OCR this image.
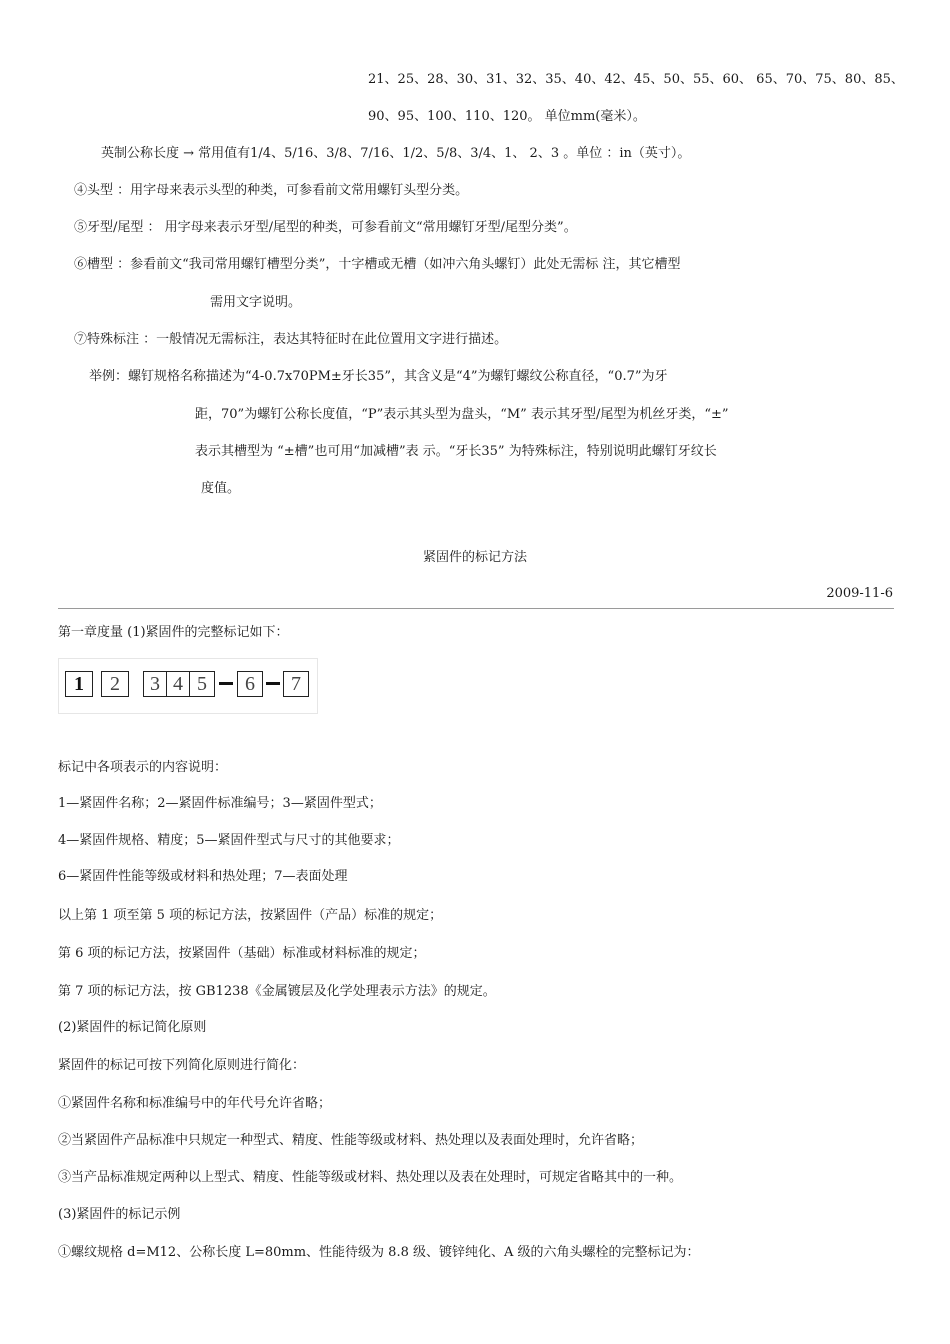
21、25、28、30、31、32、35、40、42、45、50、55、60、 65、70、75、80、85、
90、95、100、110、120。 单位mm(毫米）。
英制公称长度 → 常用值有1/4、5/16、3/8、7/16、1/2、5/8、3/4、1、 2、3 。单位 ：in（英寸）。
④头型 ：用字母来表示头型的种类，可参看前文常用螺钉头型分类。
⑤牙型/尾型 ： 用字母来表示牙型/尾型的种类，可参看前文“常用螺钉牙型/尾型分类”。
⑥槽型 ：参看前文“我司常用螺钉槽型分类”，十字槽或无槽（如冲六角头螺钉）此处无需标 注，其它槽型
需用文字说明。
⑦特殊标注 ：一般情况无需标注，表达其特征时在此位置用文字进行描述。
举例：螺钉规格名称描述为“4-0.7x70PM±牙长35”，其含义是“4”为螺钉螺纹公称直径，“0.7”为牙
距，70”为螺钉公称长度值，“P”表示其头型为盘头，“M” 表示其牙型/尾型为机丝牙类，“±”
表示其槽型为 “±槽”也可用“加减槽”表 示。“牙长35” 为特殊标注，特别说明此螺钉牙纹长
度值。
紧固件的标记方法
2009-11-6
第一章度量 (1)紧固件的完整标记如下：
1	2	3 4 5	6	7
标记中各项表示的内容说明：
1—紧固件名称；2—紧固件标准编号；3—紧固件型式；
4—紧固件规格、精度；5—紧固件型式与尺寸的其他要求；
6—紧固件性能等级或材料和热处理；7—表面处理
以上第 1 项至第 5 项的标记方法，按紧固件（产品）标准的规定；
第 6 项的标记方法，按紧固件（基础）标准或材料标准的规定；
第 7 项的标记方法，按 GB1238《金属镀层及化学处理表示方法》的规定。
(2)紧固件的标记简化原则
紧固件的标记可按下列简化原则进行简化：
①紧固件名称和标准编号中的年代号允许省略；
②当紧固件产品标准中只规定一种型式、精度、性能等级或材料、热处理以及表面处理时，允许省略；
③当产品标准规定两种以上型式、精度、性能等级或材料、热处理以及表在处理时，可规定省略其中的一种。
(3)紧固件的标记示例
①螺纹规格 d=M12、公称长度 L=80mm、性能待级为 8.8 级、镀锌纯化、A 级的六角头螺栓的完整标记为：
